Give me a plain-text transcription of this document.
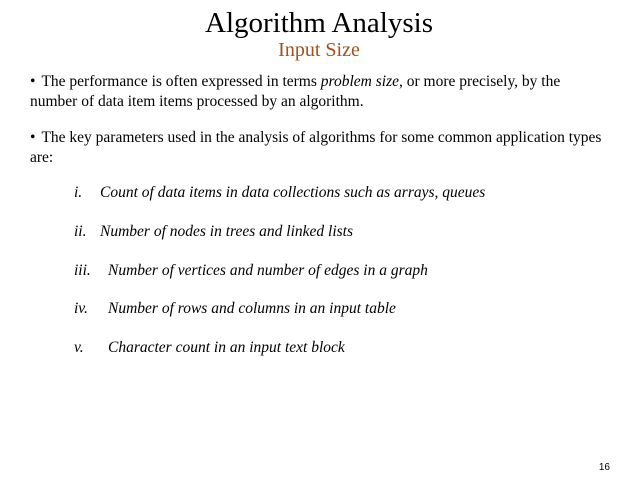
Algorithm Analysis
Input Size
• The performance is often expressed in terms problem size, or more precisely, by the number of data item items processed by an algorithm.
• The key parameters used in the analysis of algorithms for some common application types are:
i. Count of data items in data collections such as arrays, queues
ii. Number of nodes in trees and linked lists
iii. Number of vertices and number of edges in a graph
iv. Number of rows and columns in an input table
v. Character count in an input text block
16
